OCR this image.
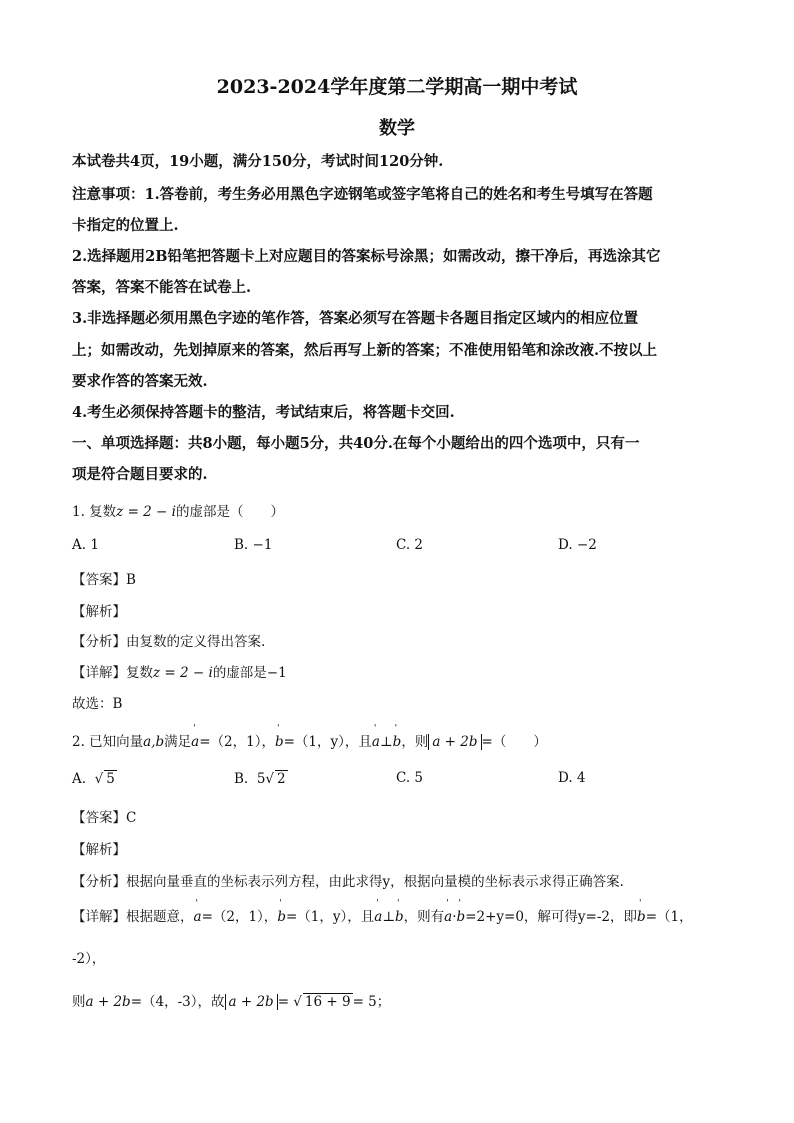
2023-2024学年度第二学期高一期中考试
数学
本试卷共4页，19小题，满分150分，考试时间120分钟.
注意事项：1.答卷前，考生务必用黑色字迹钢笔或签字笔将自己的姓名和考生号填写在答题
卡指定的位置上.
2.选择题用2B铅笔把答题卡上对应题目的答案标号涂黑；如需改动，擦干净后，再选涂其它
答案，答案不能答在试卷上.
3.非选择题必须用黑色字迹的笔作答，答案必须写在答题卡各题目指定区域内的相应位置
上；如需改动，先划掉原来的答案，然后再写上新的答案；不准使用铅笔和涂改液.不按以上
要求作答的答案无效.
4.考生必须保持答题卡的整洁，考试结束后，将答题卡交回.
一、单项选择题：共8小题，每小题5分，共40分.在每个小题给出的四个选项中，只有一
项是符合题目要求的.
1. 复数z = 2 − i的虚部是（　　）
A. 1	B. −1	C. 2	D. −2
【答案】B
【解析】
【分析】由复数的定义得出答案.
【详解】复数z = 2 − i的虚部是−1
故选：B
2. 已知向量a,b满足' a=（2，1），' b=（1，y），且' a⊥' b，则 a + 2b =（　　）
A.  √ 5	B. 5√ 2	C. 5	D. 4
【答案】C
【解析】
【分析】根据向量垂直的坐标表示列方程，由此求得y，根据向量模的坐标表示求得正确答案.
【详解】根据题意，' a=（2，1），' b=（1，y），且' a⊥' b，则有' a·' b=2+y=0，解可得y=-2，即' b=（1，
-2），
则a + 2b=（4，-3），故 a + 2b = √ 16 + 9 = 5；
